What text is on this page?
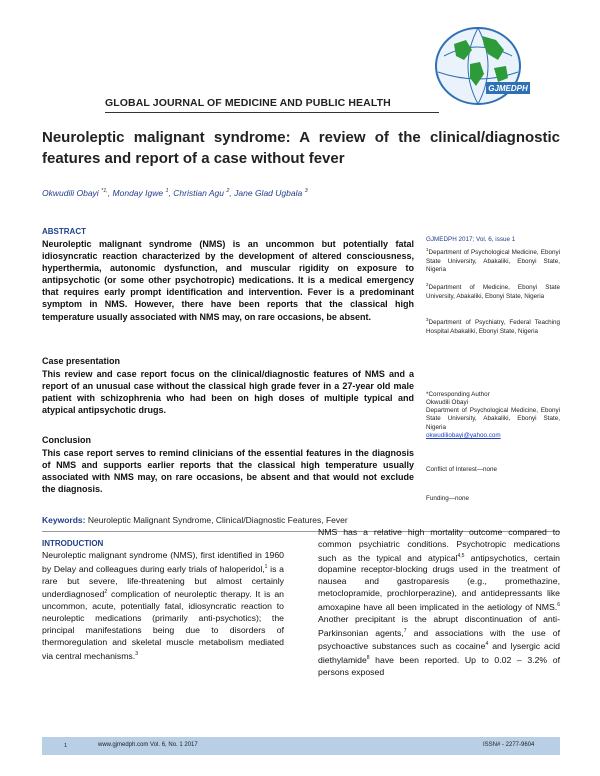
GJMEDPH
GLOBAL JOURNAL OF MEDICINE AND PUBLIC HEALTH
Neuroleptic malignant syndrome: A review of the clinical/diagnostic features and report of a case without fever
Okwudili Obayi $^{*1,}$, Monday Igwe $^1$, Christian Agu $^2$, Jane Glad Ugbala $^3$
ABSTRACT
Neuroleptic malignant syndrome (NMS) is an uncommon but potentially fatal idiosyncratic reaction characterized by the development of altered consciousness, hyperthermia, autonomic dysfunction, and muscular rigidity on exposure to antipsychotic (or some other psychotropic) medications. It is a medical emergency that requires early prompt identification and intervention. Fever is a predominant symptom in NMS. However, there have been reports that the classical high temperature usually associated with NMS may, on rare occasions, be absent.
Case presentation
This review and case report focus on the clinical/diagnostic features of NMS and a report of an unusual case without the classical high grade fever in a 27-year old male patient with schizophrenia who had been on high doses of multiple typical and atypical antipsychotic drugs.
Conclusion
This case report serves to remind clinicians of the essential features in the diagnosis of NMS and supports earlier reports that the classical high temperature usually associated with NMS may, on rare occasions, be absent and that would not exclude the diagnosis.
GJMEDPH 2017; Vol. 6, issue 1
$^1$Department of Psychological Medicine, Ebonyi State University, Abakaliki, Ebonyi State, Nigeria
$^2$Department of Medicine, Ebonyi State University, Abakaliki, Ebonyi State, Nigeria
$^3$Department of Psychiatry, Federal Teaching Hospital Abakaliki, Ebonyi State, Nigeria
*Corresponding Author
Okwudili Obayi
Department of Psychological Medicine, Ebonyi State University, Abakaliki, Ebonyi State, Nigeria
okwudiliobayi@yahoo.com
Conflict of Interest—none
Funding—none
Keywords: Neuroleptic Malignant Syndrome, Clinical/Diagnostic Features, Fever
INTRODUCTION
Neuroleptic malignant syndrome (NMS), first identified in 1960 by Delay and colleagues during early trials of haloperidol,$^1$ is a rare but severe, life-threatening but almost certainly underdiagnosed$^2$ complication of neuroleptic therapy. It is an uncommon, acute, potentially fatal, idiosyncratic reaction to neuroleptic medications (primarily anti-psychotics); the principal manifestations being due to disorders of thermoregulation and skeletal muscle metabolism mediated via central mechanisms.$^3$
NMS has a relative high mortality outcome compared to common psychiatric conditions. Psychotropic medications such as the typical and atypical$^{4,5}$ antipsychotics, certain dopamine receptor-blocking drugs used in the treatment of nausea and gastroparesis (e.g., promethazine, metoclopramide, prochlorperazine), and antidepressants like amoxapine have all been implicated in the aetiology of NMS.$^6$ Another precipitant is the abrupt discontinuation of anti-Parkinsonian agents,$^7$ and associations with the use of psychoactive substances such as cocaine$^4$ and lysergic acid diethylamide$^8$ have been reported. Up to 0.02 – 3.2% of persons exposed
1	www.gjmedph.com Vol. 6, No. 1 2017	ISSN# - 2277-9604
